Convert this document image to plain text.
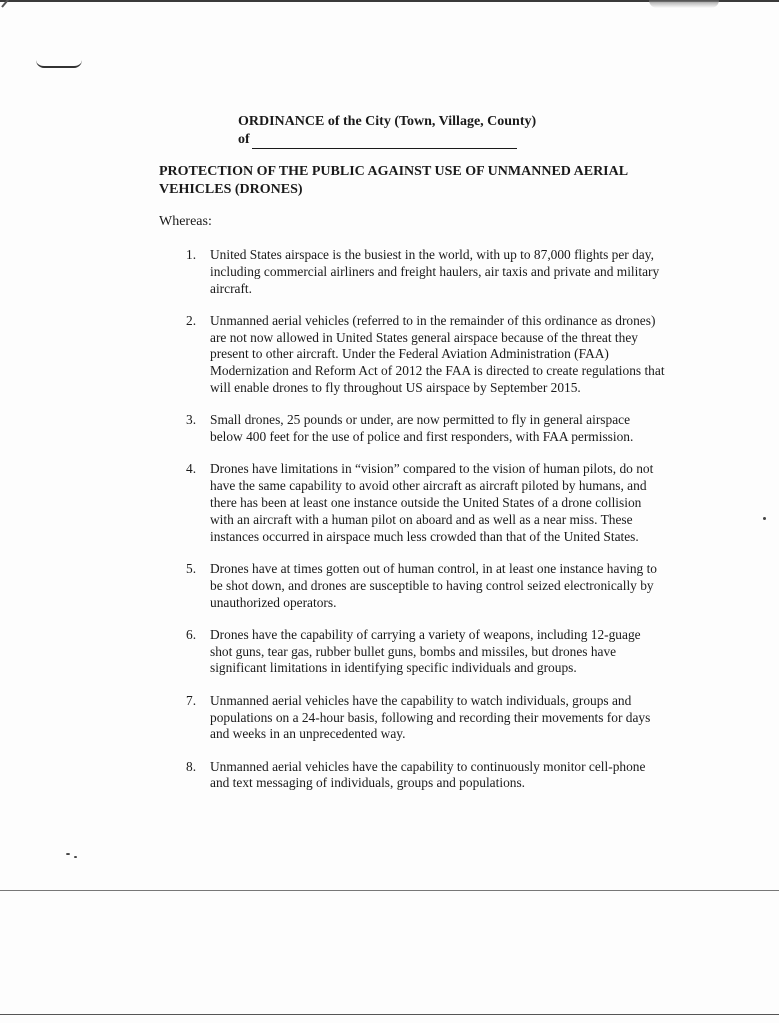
ORDINANCE of the City (Town, Village, County)
of
PROTECTION OF THE PUBLIC AGAINST USE OF UNMANNED AERIAL VEHICLES (DRONES)
Whereas:
1.	United States airspace is the busiest in the world, with up to 87,000 flights per day, including commercial airliners and freight haulers, air taxis and private and military aircraft.
2.	Unmanned aerial vehicles (referred to in the remainder of this ordinance as drones) are not now allowed in United States general airspace because of the threat they present to other aircraft. Under the Federal Aviation Administration (FAA) Modernization and Reform Act of 2012 the FAA is directed to create regulations that will enable drones to fly throughout US airspace by September 2015.
3.	Small drones, 25 pounds or under, are now permitted to fly in general airspace below 400 feet for the use of police and first responders, with FAA permission.
4.	Drones have limitations in “vision” compared to the vision of human pilots, do not have the same capability to avoid other aircraft as aircraft piloted by humans, and there has been at least one instance outside the United States of a drone collision with an aircraft with a human pilot on aboard and as well as a near miss. These instances occurred in airspace much less crowded than that of the United States.
5.	Drones have at times gotten out of human control, in at least one instance having to be shot down, and drones are susceptible to having control seized electronically by unauthorized operators.
6.	Drones have the capability of carrying a variety of weapons, including 12-guage shot guns, tear gas, rubber bullet guns, bombs and missiles, but drones have significant limitations in identifying specific individuals and groups.
7.	Unmanned aerial vehicles have the capability to watch individuals, groups and populations on a 24-hour basis, following and recording their movements for days and weeks in an unprecedented way.
8.	Unmanned aerial vehicles have the capability to continuously monitor cell-phone and text messaging of individuals, groups and populations.
